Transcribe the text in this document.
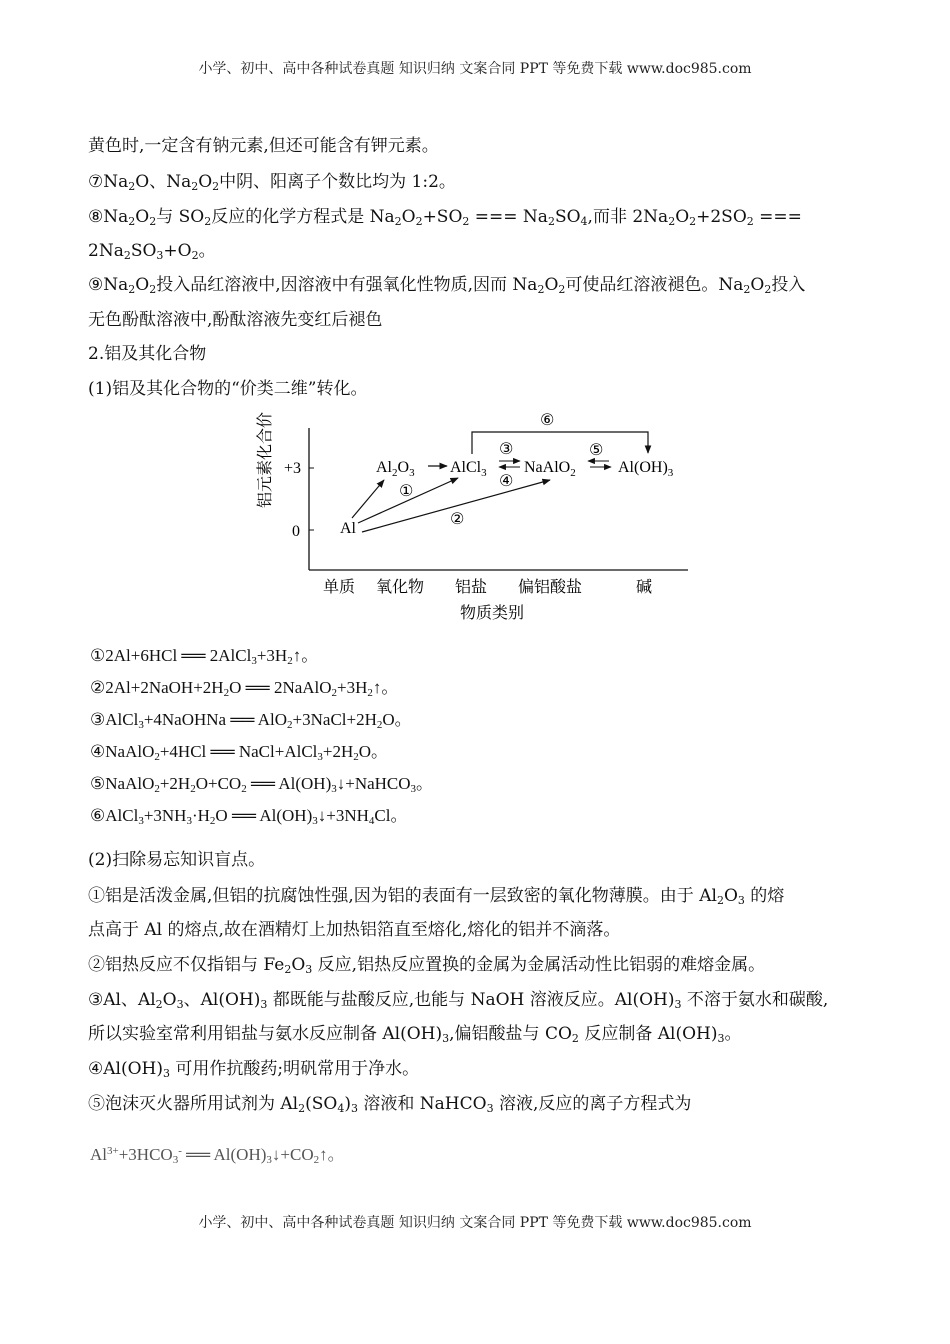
小学、初中、高中各种试卷真题 知识归纳 文案合同 PPT 等免费下载 www.doc985.com
黄色时,一定含有钠元素,但还可能含有钾元素。
$⑦Na_2O$、$Na_2O_2$中阴、阳离子个数比均为 1:2。
$⑧Na_2O_2$与 $SO_2$反应的化学方程式是 $Na_2O_2+SO_2$ === $Na_2SO_4$,而非 $2Na_2O_2+2SO_2$ ===
$2Na_2SO_3+O_2$。
$⑨Na_2O_2$投入品红溶液中,因溶液中有强氧化性物质,因而 $Na_2O_2$可使品红溶液褪色。$Na_2O_2$投入
无色酚酞溶液中,酚酞溶液先变红后褪色
2.铝及其化合物
(1)铝及其化合物的“价类二维”转化。
铝元素化合价 +3
0
单质 氧化物 铝盐 偏铝酸盐	碱
物质类别
Al
$Al_2O_3$ AlCl$_3$ NaAlO$_2$	$Al(OH)_3$
①
②
③
④
⑤
⑥
①2Al+6HCl ══ $2AlCl_3+3H_2↑$。
$②2Al+2NaOH+2H_2O$ ══ $2NaAlO_2+3H_2↑$。
③AlCl$_3$+4NaOHNa ══ $AlO_2+3NaCl+2H_2O$。
④NaAlO$_2$+4HCl ══ $NaCl+AlCl_3+2H_2O$。
$⑤NaAlO_2+2H_2O+CO_2$ ══ $Al(OH)_3↓+NaHCO_3$。
$⑥AlCl_3+3NH_3\cdot H_2O$ ══ $Al(OH)_3↓+3NH_4Cl$。
(2)扫除易忘知识盲点。
①铝是活泼金属,但铝的抗腐蚀性强,因为铝的表面有一层致密的氧化物薄膜。由于 $Al_2O_3$ 的熔
点高于 Al 的熔点,故在酒精灯上加热铝箔直至熔化,熔化的铝并不滴落。
②铝热反应不仅指铝与 $Fe_2O_3$ 反应,铝热反应置换的金属为金属活动性比铝弱的难熔金属。
③Al、$Al_2O_3$、$Al(OH)_3$ 都既能与盐酸反应,也能与 NaOH 溶液反应。$Al(OH)_3$ 不溶于氨水和碳酸,
所以实验室常利用铝盐与氨水反应制备 $Al(OH)_3$,偏铝酸盐与 $CO_2$ 反应制备 $Al(OH)_3$。
$④Al(OH)_3$ 可用作抗酸药;明矾常用于净水。
⑤泡沫灭火器所用试剂为 $Al_2(SO_4)_3$ 溶液和 NaHCO$_3$ 溶液,反应的离子方程式为
$Al^{3+}+3HCO_3^-$ ══ $Al(OH)_3↓+CO_2↑$。
小学、初中、高中各种试卷真题 知识归纳 文案合同 PPT 等免费下载 www.doc985.com
